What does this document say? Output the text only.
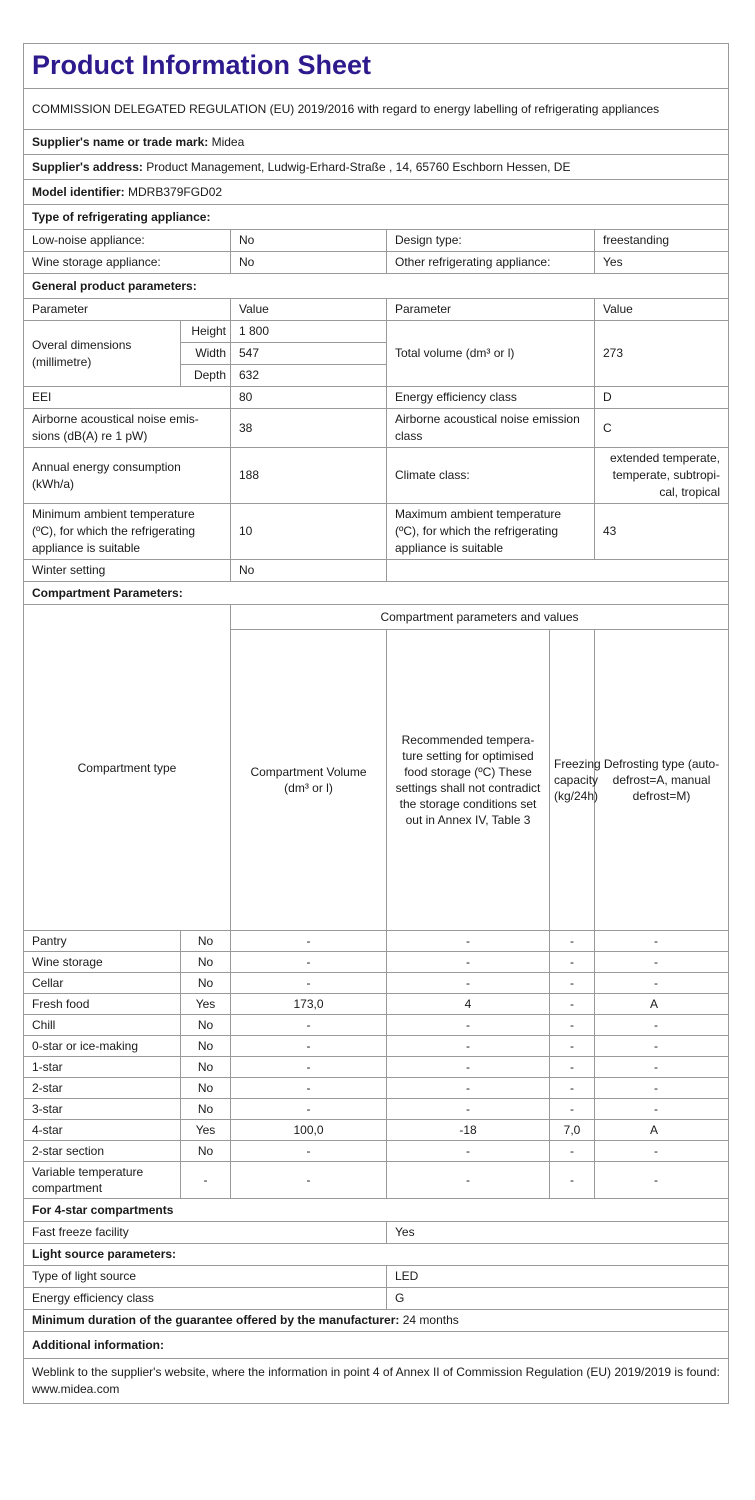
Product Information Sheet					
COMMISSION DELEGATED REGULATION (EU) 2019/2016 with regard to energy labelling of refrigerating appliances					
Supplier's name or trade mark: Midea					
Supplier's address: Product Management, Ludwig-Erhard-Straße , 14, 65760 Eschborn Hessen, DE					
Model identifier: MDRB379FGD02					
Type of refrigerating appliance:					
Low-noise appliance:		No	Design type:		freestanding
Wine storage appliance:		No	Other refrigerating appliance:		Yes
General product parameters:					
Parameter		Value	Parameter		Value
Overal dimensions (millimetre)	Height	1 800	Total volume (dm³ or l)		273
	Width	547			
	Depth	632			
EEI		80	Energy efficiency class		D
Airborne acoustical noise emissions (dB(A) re 1 pW)		38	Airborne acoustical noise emission class		C
Annual energy consumption (kWh/a)		188	Climate class:		extended temperate, temperate, subtropical, tropical
Minimum ambient temperature (ºC), for which the refrigerating appliance is suitable		10	Maximum ambient temperature (ºC), for which the refrigerating appliance is suitable		43
Winter setting		No			
Compartment Parameters:					
Compartment type		Compartment parameters and values			
		Compartment Volume (dm³ or l)	Recommended temperature setting for optimised food storage (ºC) These settings shall not contradict the storage conditions set out in Annex IV, Table 3	Freezing capacity (kg/24h)	Defrosting type (auto-defrost=A, manual defrost=M)
Pantry	No	-	-	-	-
Wine storage	No	-	-	-	-
Cellar	No	-	-	-	-
Fresh food	Yes	173,0	4	-	A
Chill	No	-	-	-	-
0-star or ice-making	No	-	-	-	-
1-star	No	-	-	-	-
2-star	No	-	-	-	-
3-star	No	-	-	-	-
4-star	Yes	100,0	-18	7,0	A
2-star section	No	-	-	-	-
Variable temperature compartment	-	-	-	-	-
For 4-star compartments					
Fast freeze facility			Yes		
Light source parameters:					
Type of light source			LED		
Energy efficiency class			G		
Minimum duration of the guarantee offered by the manufacturer: 24 months					
Additional information:					
Weblink to the supplier's website, where the information in point 4 of Annex II of Commission Regulation (EU) 2019/2019 is found: www.midea.com					
